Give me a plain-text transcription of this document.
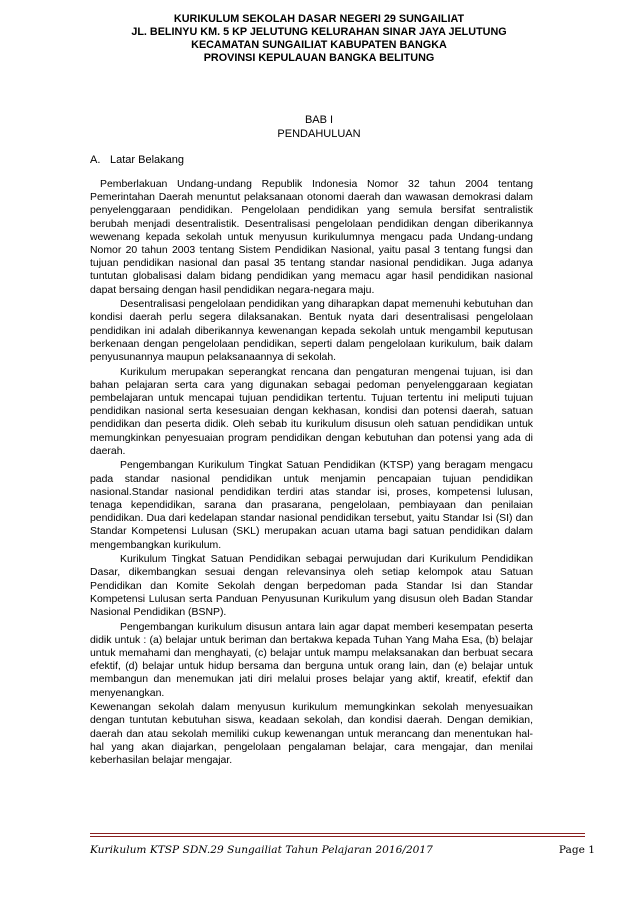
KURIKULUM SEKOLAH DASAR NEGERI 29 SUNGAILIAT
JL. BELINYU KM. 5 KP JELUTUNG KELURAHAN SINAR JAYA JELUTUNG
KECAMATAN SUNGAILIAT KABUPATEN BANGKA
PROVINSI KEPULAUAN BANGKA BELITUNG
BAB I
PENDAHULUAN
A. Latar Belakang

Pemberlakuan Undang-undang Republik Indonesia Nomor 32 tahun 2004 tentang Pemerintahan Daerah menuntut pelaksanaan otonomi daerah dan wawasan demokrasi dalam penyelenggaraan pendidikan. Pengelolaan pendidikan yang semula bersifat sentralistik berubah menjadi desentralistik. Desentralisasi pengelolaan pendidikan dengan diberikannya wewenang kepada sekolah untuk menyusun kurikulumnya mengacu pada Undang-undang Nomor 20 tahun 2003 tentang Sistem Pendidikan Nasional, yaitu pasal 3 tentang fungsi dan tujuan pendidikan nasional dan pasal 35 tentang standar nasional pendidikan. Juga adanya tuntutan globalisasi dalam bidang pendidikan yang memacu agar hasil pendidikan nasional dapat bersaing dengan hasil pendidikan negara-negara maju.

Desentralisasi pengelolaan pendidikan yang diharapkan dapat memenuhi kebutuhan dan kondisi daerah perlu segera dilaksanakan. Bentuk nyata dari desentralisasi pengelolaan pendidikan ini adalah diberikannya kewenangan kepada sekolah untuk mengambil keputusan berkenaan dengan pengelolaan pendidikan, seperti dalam pengelolaan kurikulum, baik dalam penyusunannya maupun pelaksanaannya di sekolah.

Kurikulum merupakan seperangkat rencana dan pengaturan mengenai tujuan, isi dan bahan pelajaran serta cara yang digunakan sebagai pedoman penyelenggaraan kegiatan pembelajaran untuk mencapai tujuan pendidikan tertentu. Tujuan tertentu ini meliputi tujuan pendidikan nasional serta kesesuaian dengan kekhasan, kondisi dan potensi daerah, satuan pendidikan dan peserta didik. Oleh sebab itu kurikulum disusun oleh satuan pendidikan untuk memungkinkan penyesuaian program pendidikan dengan kebutuhan dan potensi yang ada di daerah.

Pengembangan Kurikulum Tingkat Satuan Pendidikan (KTSP) yang beragam mengacu pada standar nasional pendidikan untuk menjamin pencapaian tujuan pendidikan nasional.Standar nasional pendidikan terdiri atas standar isi, proses, kompetensi lulusan, tenaga kependidikan, sarana dan prasarana, pengelolaan, pembiayaan dan penilaian pendidikan. Dua dari kedelapan standar nasional pendidikan tersebut, yaitu Standar Isi (SI) dan Standar Kompetensi Lulusan (SKL) merupakan acuan utama bagi satuan pendidikan dalam mengembangkan kurikulum.

Kurikulum Tingkat Satuan Pendidikan sebagai perwujudan dari Kurikulum Pendidikan Dasar, dikembangkan sesuai dengan relevansinya oleh setiap kelompok atau Satuan Pendidikan dan Komite Sekolah dengan berpedoman pada Standar Isi dan Standar Kompetensi Lulusan serta Panduan Penyusunan Kurikulum yang disusun oleh Badan Standar Nasional Pendidikan (BSNP).

Pengembangan kurikulum disusun antara lain agar dapat memberi kesempatan peserta didik untuk : (a) belajar untuk beriman dan bertakwa kepada Tuhan Yang Maha Esa, (b) belajar untuk memahami dan menghayati, (c) belajar untuk mampu melaksanakan dan berbuat secara efektif, (d) belajar untuk hidup bersama dan berguna untuk orang lain, dan (e) belajar untuk membangun dan menemukan jati diri melalui proses belajar yang aktif, kreatif, efektif dan menyenangkan.

Kewenangan sekolah dalam menyusun kurikulum memungkinkan sekolah menyesuaikan dengan tuntutan kebutuhan siswa, keadaan sekolah, dan kondisi daerah. Dengan demikian, daerah dan atau sekolah memiliki cukup kewenangan untuk merancang dan menentukan hal-hal yang akan diajarkan, pengelolaan pengalaman belajar, cara mengajar, dan menilai keberhasilan belajar mengajar.

Kurikulum KTSP SDN.29 Sungailiat Tahun Pelajaran 2016/2017	Page 1
